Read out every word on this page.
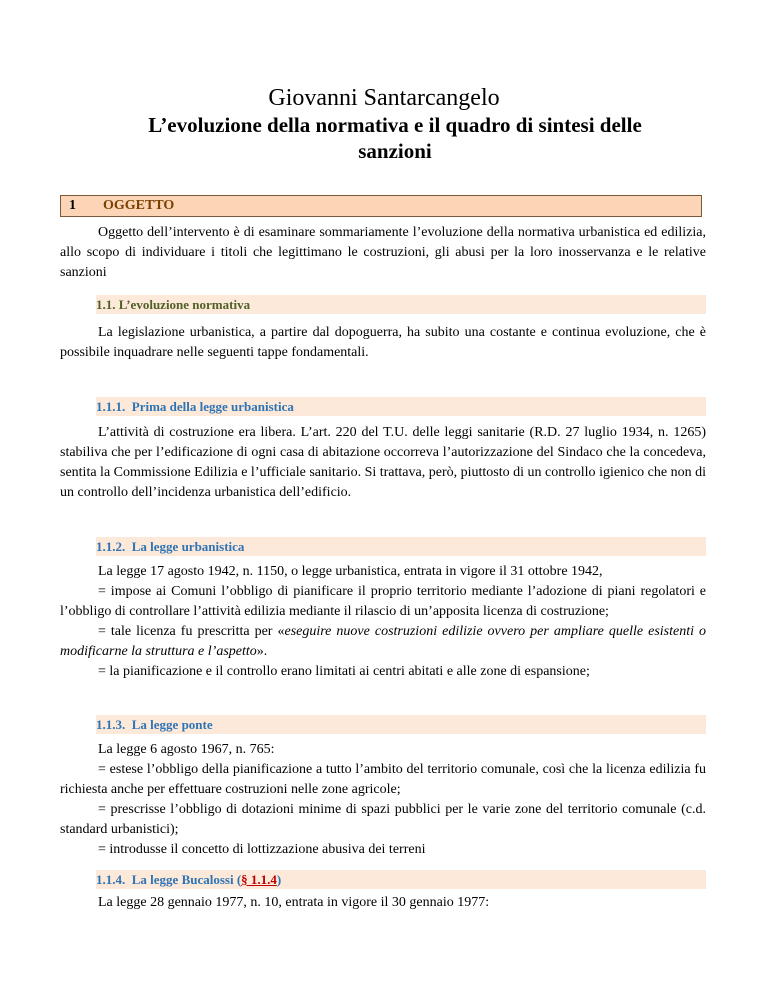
Giovanni Santarcangelo
L’evoluzione della normativa e il quadro di sintesi delle
sanzioni
1 OGGETTO

Oggetto dell’intervento è di esaminare sommariamente l’evoluzione della normativa urbanistica ed edilizia, allo scopo di individuare i titoli che legittimano le costruzioni, gli abusi per la loro inosservanza e le relative sanzioni

1.1. L’evoluzione normativa

La legislazione urbanistica, a partire dal dopoguerra, ha subito una costante e continua evoluzione, che è possibile inquadrare nelle seguenti tappe fondamentali.

1.1.1.  Prima della legge urbanistica

L’attività di costruzione era libera. L’art. 220 del T.U. delle leggi sanitarie (R.D. 27 luglio 1934, n. 1265) stabiliva che per l’edificazione di ogni casa di abitazione occorreva l’autorizzazione del Sindaco che la concedeva, sentita la Commissione Edilizia e l’ufficiale sanitario. Si trattava, però, piuttosto di un controllo igienico che non di un controllo dell’incidenza urbanistica dell’edificio.

1.1.2.  La legge urbanistica

La legge 17 agosto 1942, n. 1150, o legge urbanistica, entrata in vigore il 31 ottobre 1942,

= impose ai Comuni l’obbligo di pianificare il proprio territorio mediante l’adozione di piani regolatori e l’obbligo di controllare l’attività edilizia mediante il rilascio di un’apposita licenza di costruzione;

= tale licenza fu prescritta per «eseguire nuove costruzioni edilizie ovvero per ampliare quelle esistenti o modificarne la struttura e l’aspetto».

= la pianificazione e il controllo erano limitati ai centri abitati e alle zone di espansione;

1.1.3.  La legge ponte

La legge 6 agosto 1967, n. 765:

= estese l’obbligo della pianificazione a tutto l’ambito del territorio comunale, così che la licenza edilizia fu richiesta anche per effettuare costruzioni nelle zone agricole;

= prescrisse l’obbligo di dotazioni minime di spazi pubblici per le varie zone del territorio comunale (c.d. standard urbanistici);

= introdusse il concetto di lottizzazione abusiva dei terreni

1.1.4.  La legge Bucalossi (§ 1.1.4)

La legge 28 gennaio 1977, n. 10, entrata in vigore il 30 gennaio 1977:
